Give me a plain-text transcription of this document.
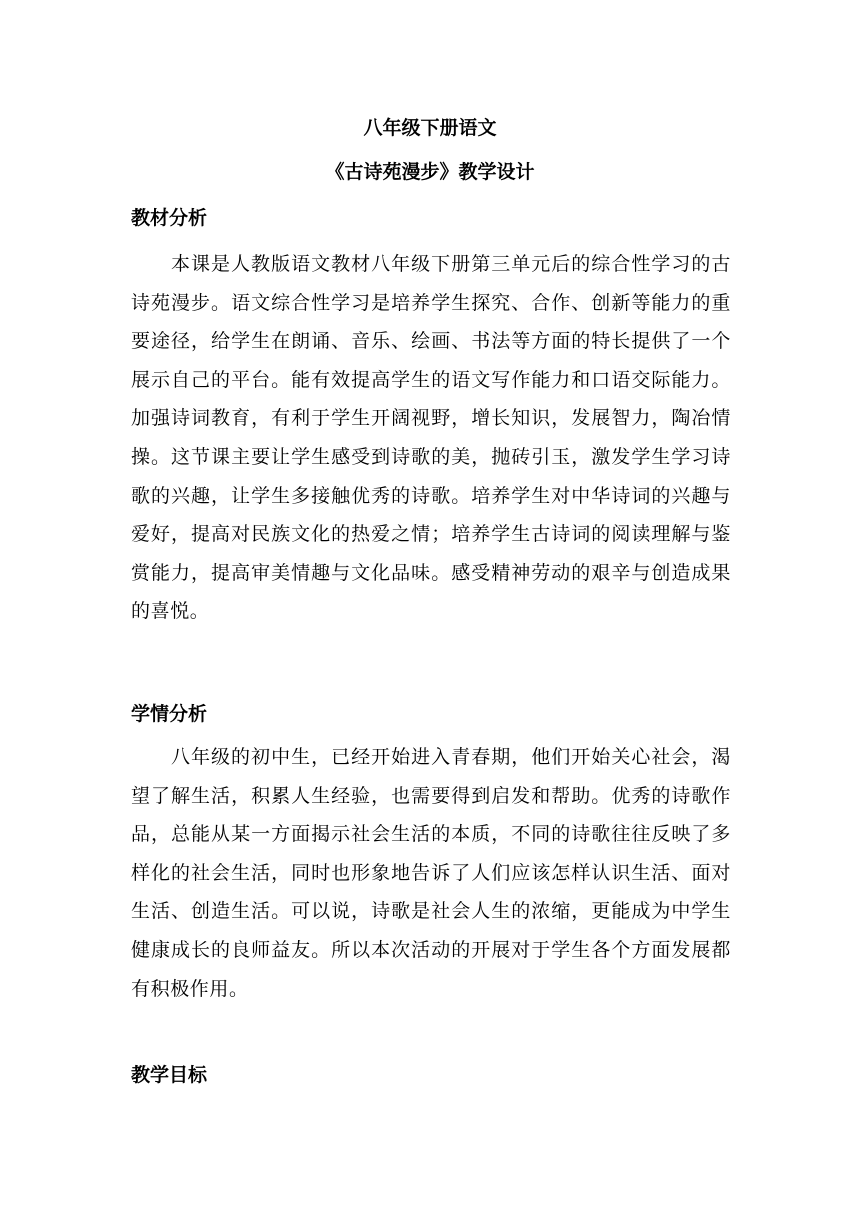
八年级下册语文
《古诗苑漫步》教学设计
教材分析
本课是人教版语文教材八年级下册第三单元后的综合性学习的古诗苑漫步。语文综合性学习是培养学生探究、合作、创新等能力的重要途径，给学生在朗诵、音乐、绘画、书法等方面的特长提供了一个展示自己的平台。能有效提高学生的语文写作能力和口语交际能力。加强诗词教育，有利于学生开阔视野，增长知识，发展智力，陶冶情操。这节课主要让学生感受到诗歌的美，抛砖引玉，激发学生学习诗歌的兴趣，让学生多接触优秀的诗歌。培养学生对中华诗词的兴趣与爱好，提高对民族文化的热爱之情；培养学生古诗词的阅读理解与鉴赏能力，提高审美情趣与文化品味。感受精神劳动的艰辛与创造成果的喜悦。
学情分析
八年级的初中生，已经开始进入青春期，他们开始关心社会，渴望了解生活，积累人生经验，也需要得到启发和帮助。优秀的诗歌作品，总能从某一方面揭示社会生活的本质，不同的诗歌往往反映了多样化的社会生活，同时也形象地告诉了人们应该怎样认识生活、面对生活、创造生活。可以说，诗歌是社会人生的浓缩，更能成为中学生健康成长的良师益友。所以本次活动的开展对于学生各个方面发展都有积极作用。
教学目标
